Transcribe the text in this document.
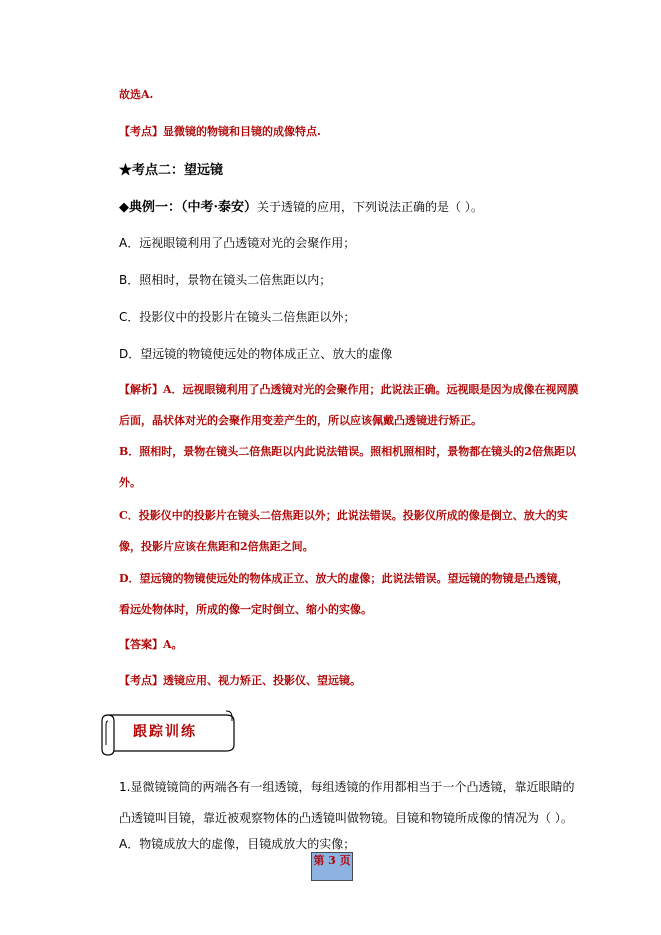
故选A.
【考点】显微镜的物镜和目镜的成像特点.
★考点二：望远镜
◆典例一：（中考·泰安）关于透镜的应用，下列说法正确的是（ ）。
A．远视眼镜利用了凸透镜对光的会聚作用；
B．照相时，景物在镜头二倍焦距以内；
C．投影仪中的投影片在镜头二倍焦距以外；
D．望远镜的物镜使远处的物体成正立、放大的虚像
【解析】A．远视眼镜利用了凸透镜对光的会聚作用；此说法正确。远视眼是因为成像在视网膜后面，晶状体对光的会聚作用变差产生的，所以应该佩戴凸透镜进行矫正。
B．照相时，景物在镜头二倍焦距以内此说法错误。照相机照相时，景物都在镜头的2倍焦距以外。
C．投影仪中的投影片在镜头二倍焦距以外；此说法错误。投影仪所成的像是倒立、放大的实像，投影片应该在焦距和2倍焦距之间。
D．望远镜的物镜使远处的物体成正立、放大的虚像；此说法错误。望远镜的物镜是凸透镜，看远处物体时，所成的像一定时倒立、缩小的实像。
【答案】A。
【考点】透镜应用、视力矫正、投影仪、望远镜。
跟踪训练
1.显微镜镜筒的两端各有一组透镜，每组透镜的作用都相当于一个凸透镜，靠近眼睛的凸透镜叫目镜，靠近被观察物体的凸透镜叫做物镜。目镜和物镜所成像的情况为（ ）。
A．物镜成放大的虚像，目镜成放大的实像；
第 3 页
